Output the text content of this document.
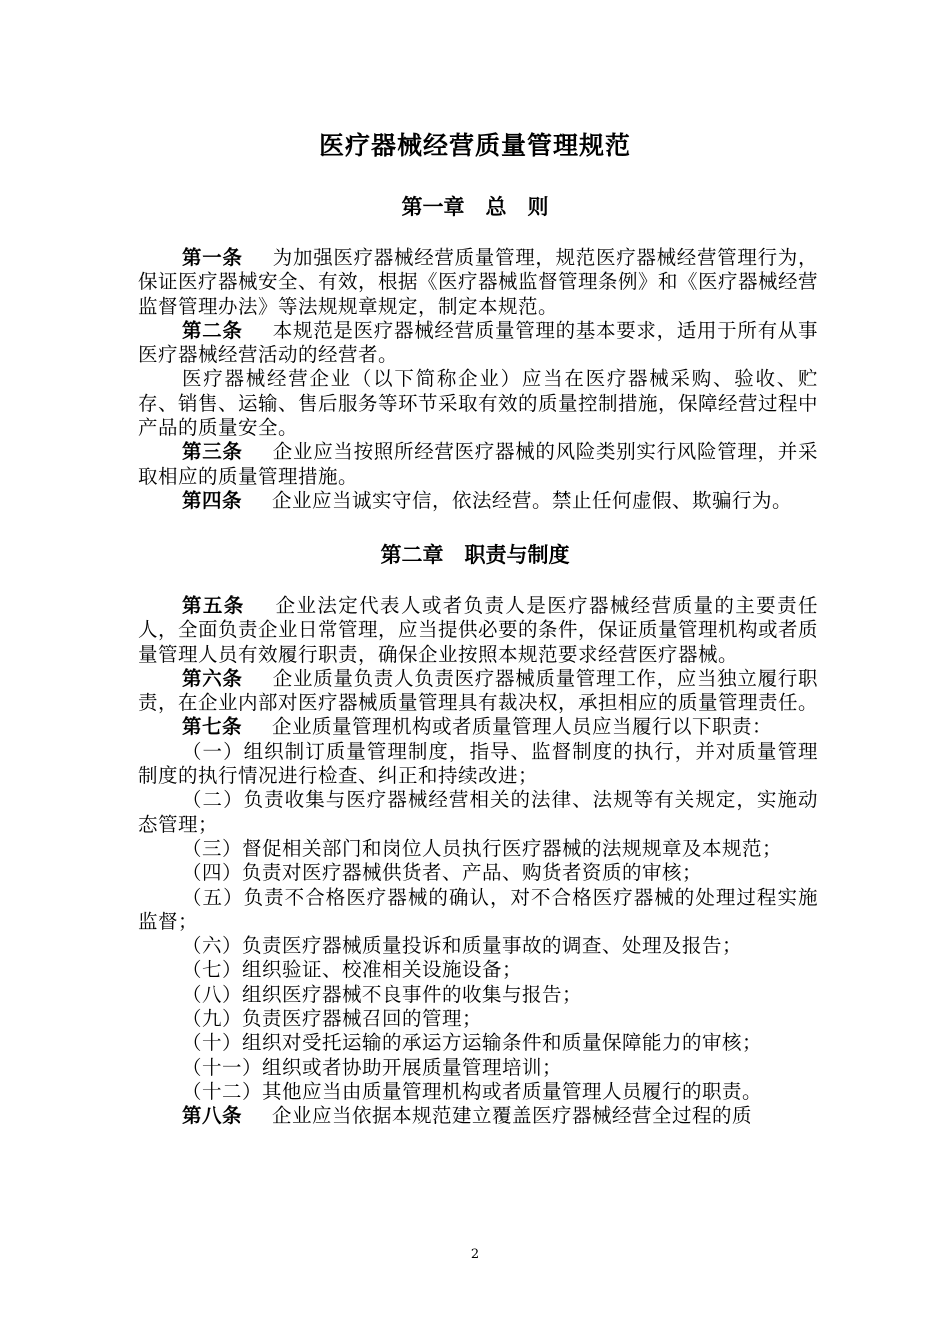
医疗器械经营质量管理规范
第一章　总　则

第一条 为加强医疗器械经营质量管理，规范医疗器械经营管理行为，保证医疗器械安全、有效，根据《医疗器械监督管理条例》和《医疗器械经营监督管理办法》等法规规章规定，制定本规范。

第二条 本规范是医疗器械经营质量管理的基本要求，适用于所有从事医疗器械经营活动的经营者。

医疗器械经营企业（以下简称企业）应当在医疗器械采购、验收、贮存、销售、运输、售后服务等环节采取有效的质量控制措施，保障经营过程中产品的质量安全。

第三条 企业应当按照所经营医疗器械的风险类别实行风险管理，并采取相应的质量管理措施。

第四条 企业应当诚实守信，依法经营。禁止任何虚假、欺骗行为。

第二章　职责与制度

第五条 企业法定代表人或者负责人是医疗器械经营质量的主要责任人，全面负责企业日常管理，应当提供必要的条件，保证质量管理机构或者质量管理人员有效履行职责，确保企业按照本规范要求经营医疗器械。

第六条 企业质量负责人负责医疗器械质量管理工作，应当独立履行职责，在企业内部对医疗器械质量管理具有裁决权，承担相应的质量管理责任。

第七条 企业质量管理机构或者质量管理人员应当履行以下职责：

（一）组织制订质量管理制度，指导、监督制度的执行，并对质量管理制度的执行情况进行检查、纠正和持续改进；

（二）负责收集与医疗器械经营相关的法律、法规等有关规定，实施动态管理；

（三）督促相关部门和岗位人员执行医疗器械的法规规章及本规范；

（四）负责对医疗器械供货者、产品、购货者资质的审核；

（五）负责不合格医疗器械的确认，对不合格医疗器械的处理过程实施监督；

（六）负责医疗器械质量投诉和质量事故的调查、处理及报告；

（七）组织验证、校准相关设施设备；

（八）组织医疗器械不良事件的收集与报告；

（九）负责医疗器械召回的管理；

（十）组织对受托运输的承运方运输条件和质量保障能力的审核；

（十一）组织或者协助开展质量管理培训；

（十二）其他应当由质量管理机构或者质量管理人员履行的职责。

第八条 企业应当依据本规范建立覆盖医疗器械经营全过程的质

2
